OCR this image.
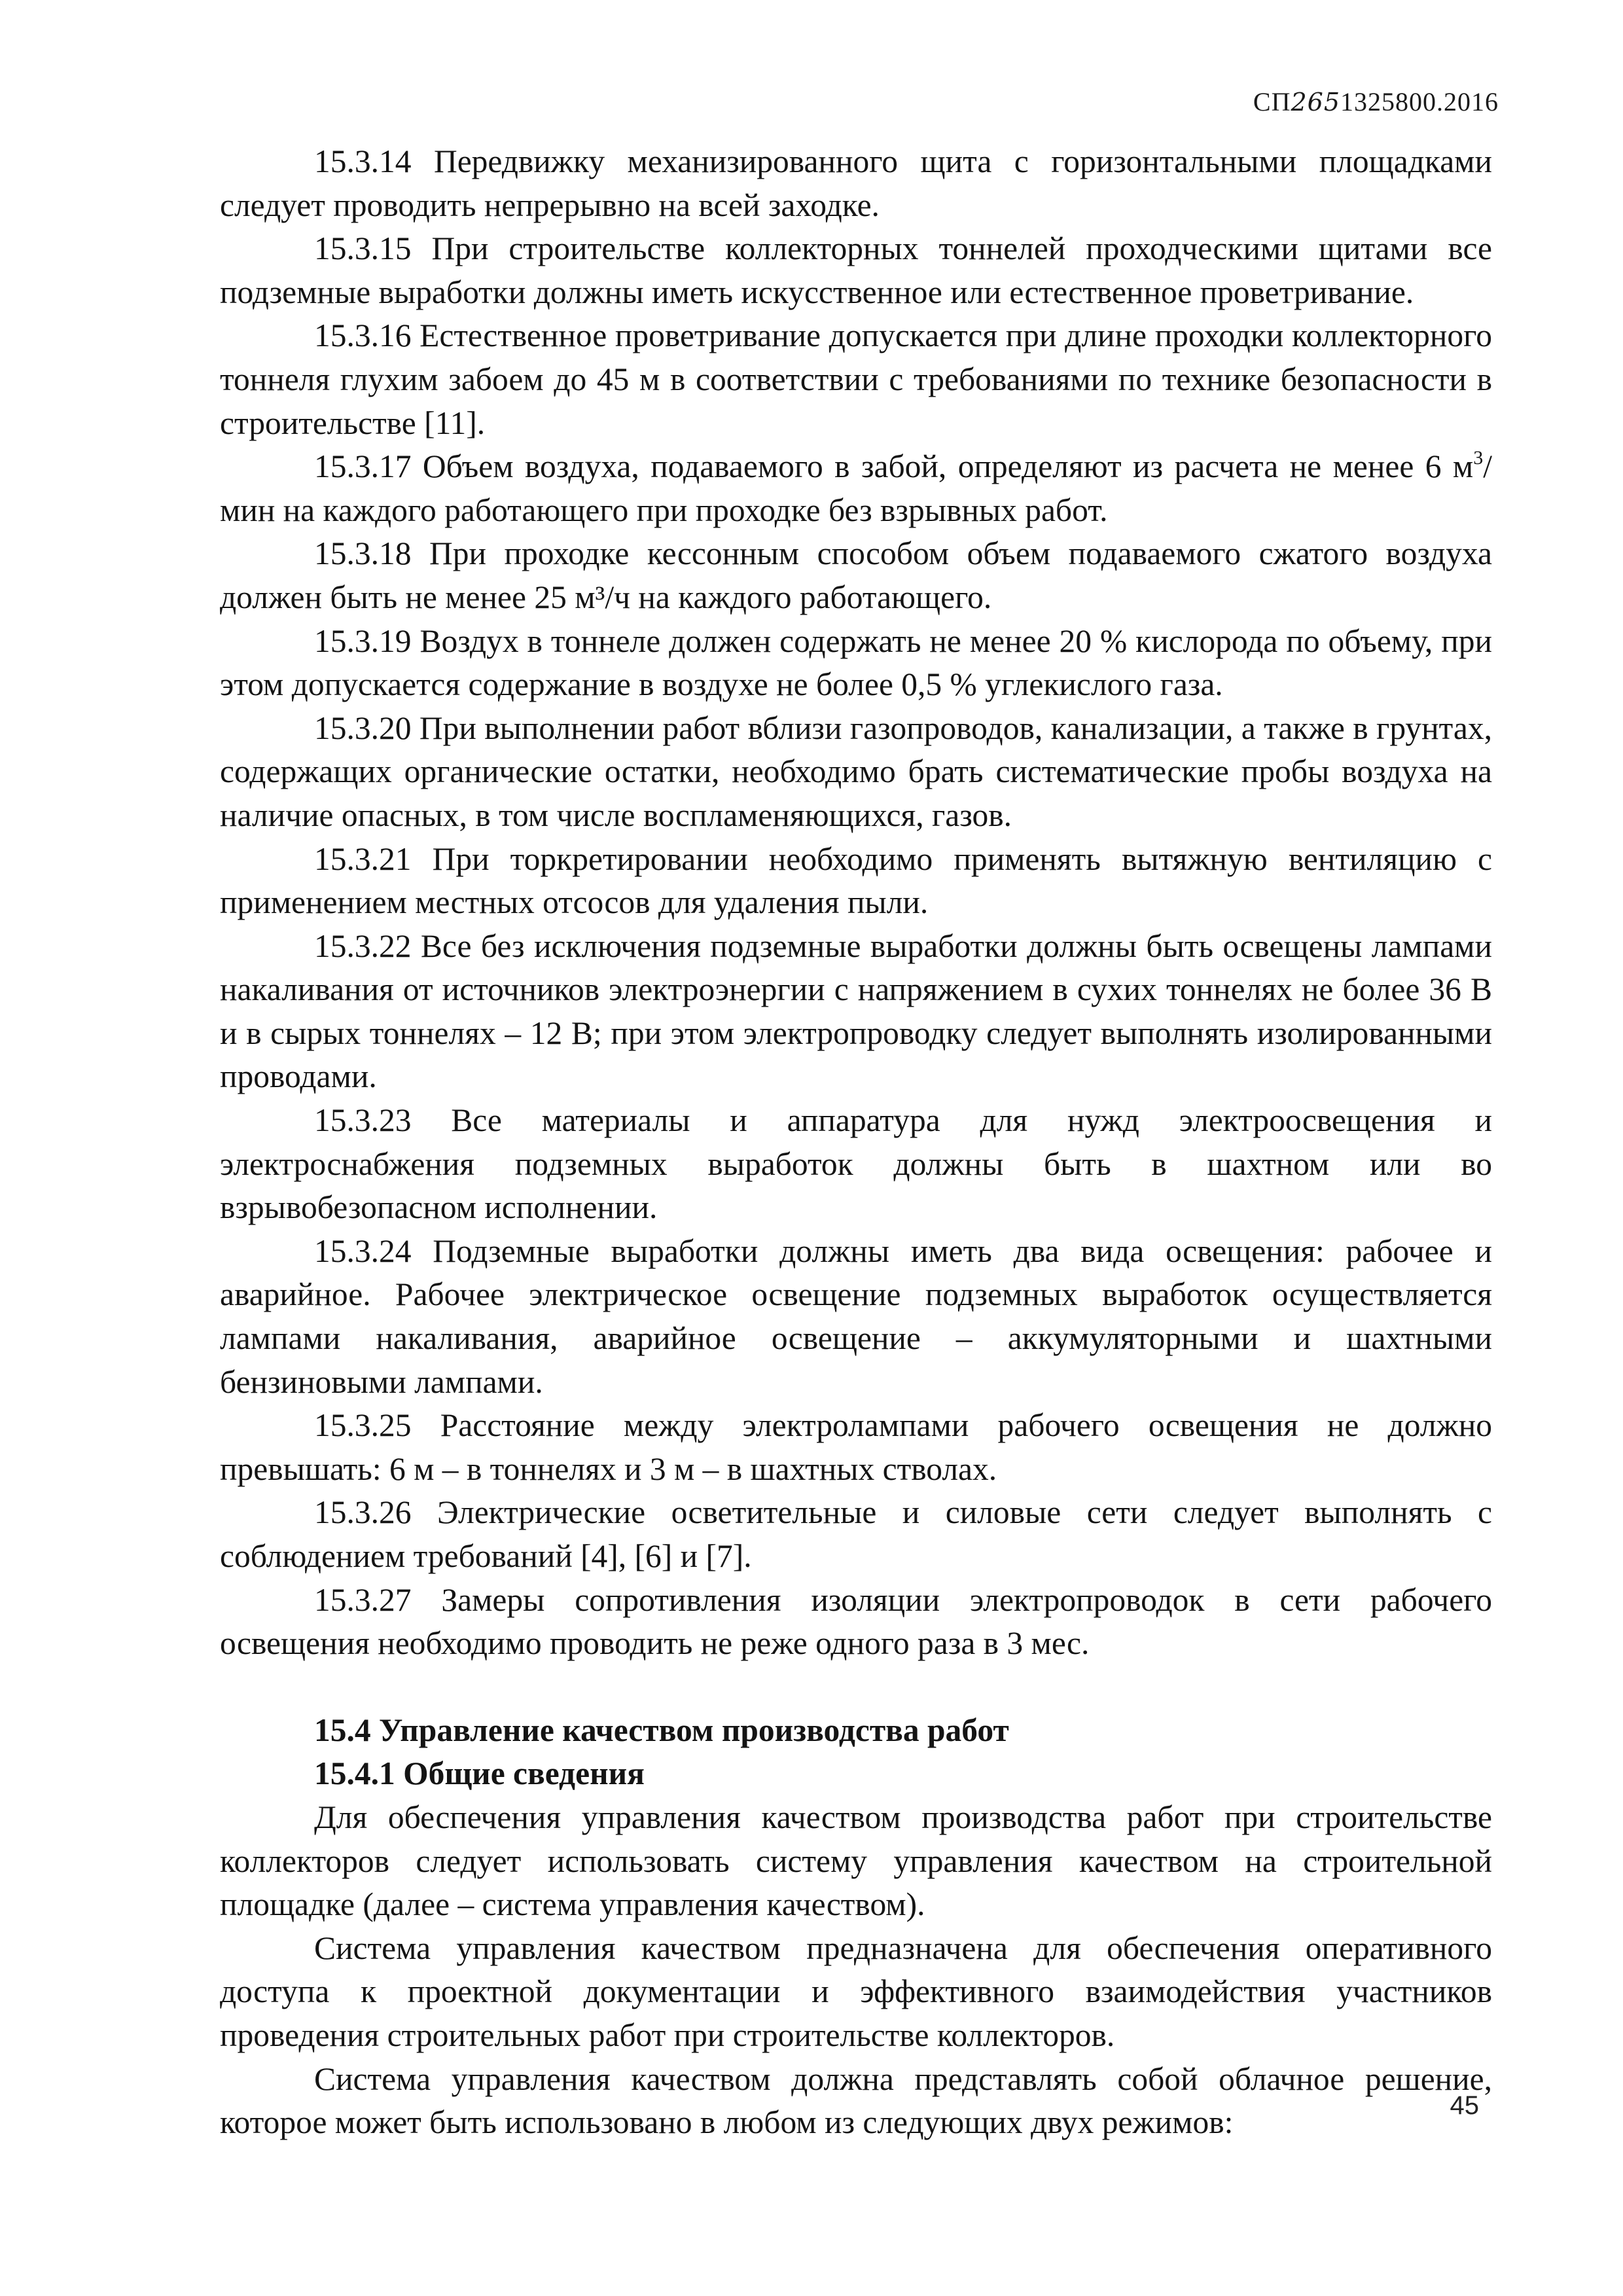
СП2651325800.2016

15.3.14 Передвижку механизированного щита с горизонтальными площадками следует проводить непрерывно на всей заходке.

15.3.15 При строительстве коллекторных тоннелей проходческими щитами все подземные выработки должны иметь искусственное или естественное проветривание.

15.3.16 Естественное проветривание допускается при длине проходки коллекторного тоннеля глухим забоем до 45 м в соответствии с требованиями по технике безопасности в строительстве [11].

15.3.17 Объем воздуха, подаваемого в забой, определяют из расчета не менее 6 $м^3$/мин на каждого работающего при проходке без взрывных работ.

15.3.18 При проходке кессонным способом объем подаваемого сжатого воздуха должен быть не менее 25 м³/ч на каждого работающего.

15.3.19 Воздух в тоннеле должен содержать не менее 20 % кислорода по объему, при этом допускается содержание в воздухе не более 0,5 % углекислого газа.

15.3.20 При выполнении работ вблизи газопроводов, канализации, а также в грунтах, содержащих органические остатки, необходимо брать систематические пробы воздуха на наличие опасных, в том числе воспламеняющихся, газов.

15.3.21 При торкретировании необходимо применять вытяжную вентиляцию с применением местных отсосов для удаления пыли.

15.3.22 Все без исключения подземные выработки должны быть освещены лампами накаливания от источников электроэнергии с напряжением в сухих тоннелях не более 36 В и в сырых тоннелях – 12 В; при этом электропроводку следует выполнять изолированными проводами.

15.3.23 Все материалы и аппаратура для нужд электроосвещения и электроснабжения подземных выработок должны быть в шахтном или во взрывобезопасном исполнении.

15.3.24 Подземные выработки должны иметь два вида освещения: рабочее и аварийное. Рабочее электрическое освещение подземных выработок осуществляется лампами накаливания, аварийное освещение – аккумуляторными и шахтными бензиновыми лампами.

15.3.25 Расстояние между электролампами рабочего освещения не должно превышать: 6 м – в тоннелях и 3 м – в шахтных стволах.

15.3.26 Электрические осветительные и силовые сети следует выполнять с соблюдением требований [4], [6] и [7].

15.3.27 Замеры сопротивления изоляции электропроводок в сети рабочего освещения необходимо проводить не реже одного раза в 3 мес.

15.4 Управление качеством производства работ

15.4.1 Общие сведения

Для обеспечения управления качеством производства работ при строительстве коллекторов следует использовать систему управления качеством на строительной площадке (далее – система управления качеством).

Система управления качеством предназначена для обеспечения оперативного доступа к проектной документации и эффективного взаимодействия участников проведения строительных работ при строительстве коллекторов.

Система управления качеством должна представлять собой облачное решение, которое может быть использовано в любом из следующих двух режимов:	45
